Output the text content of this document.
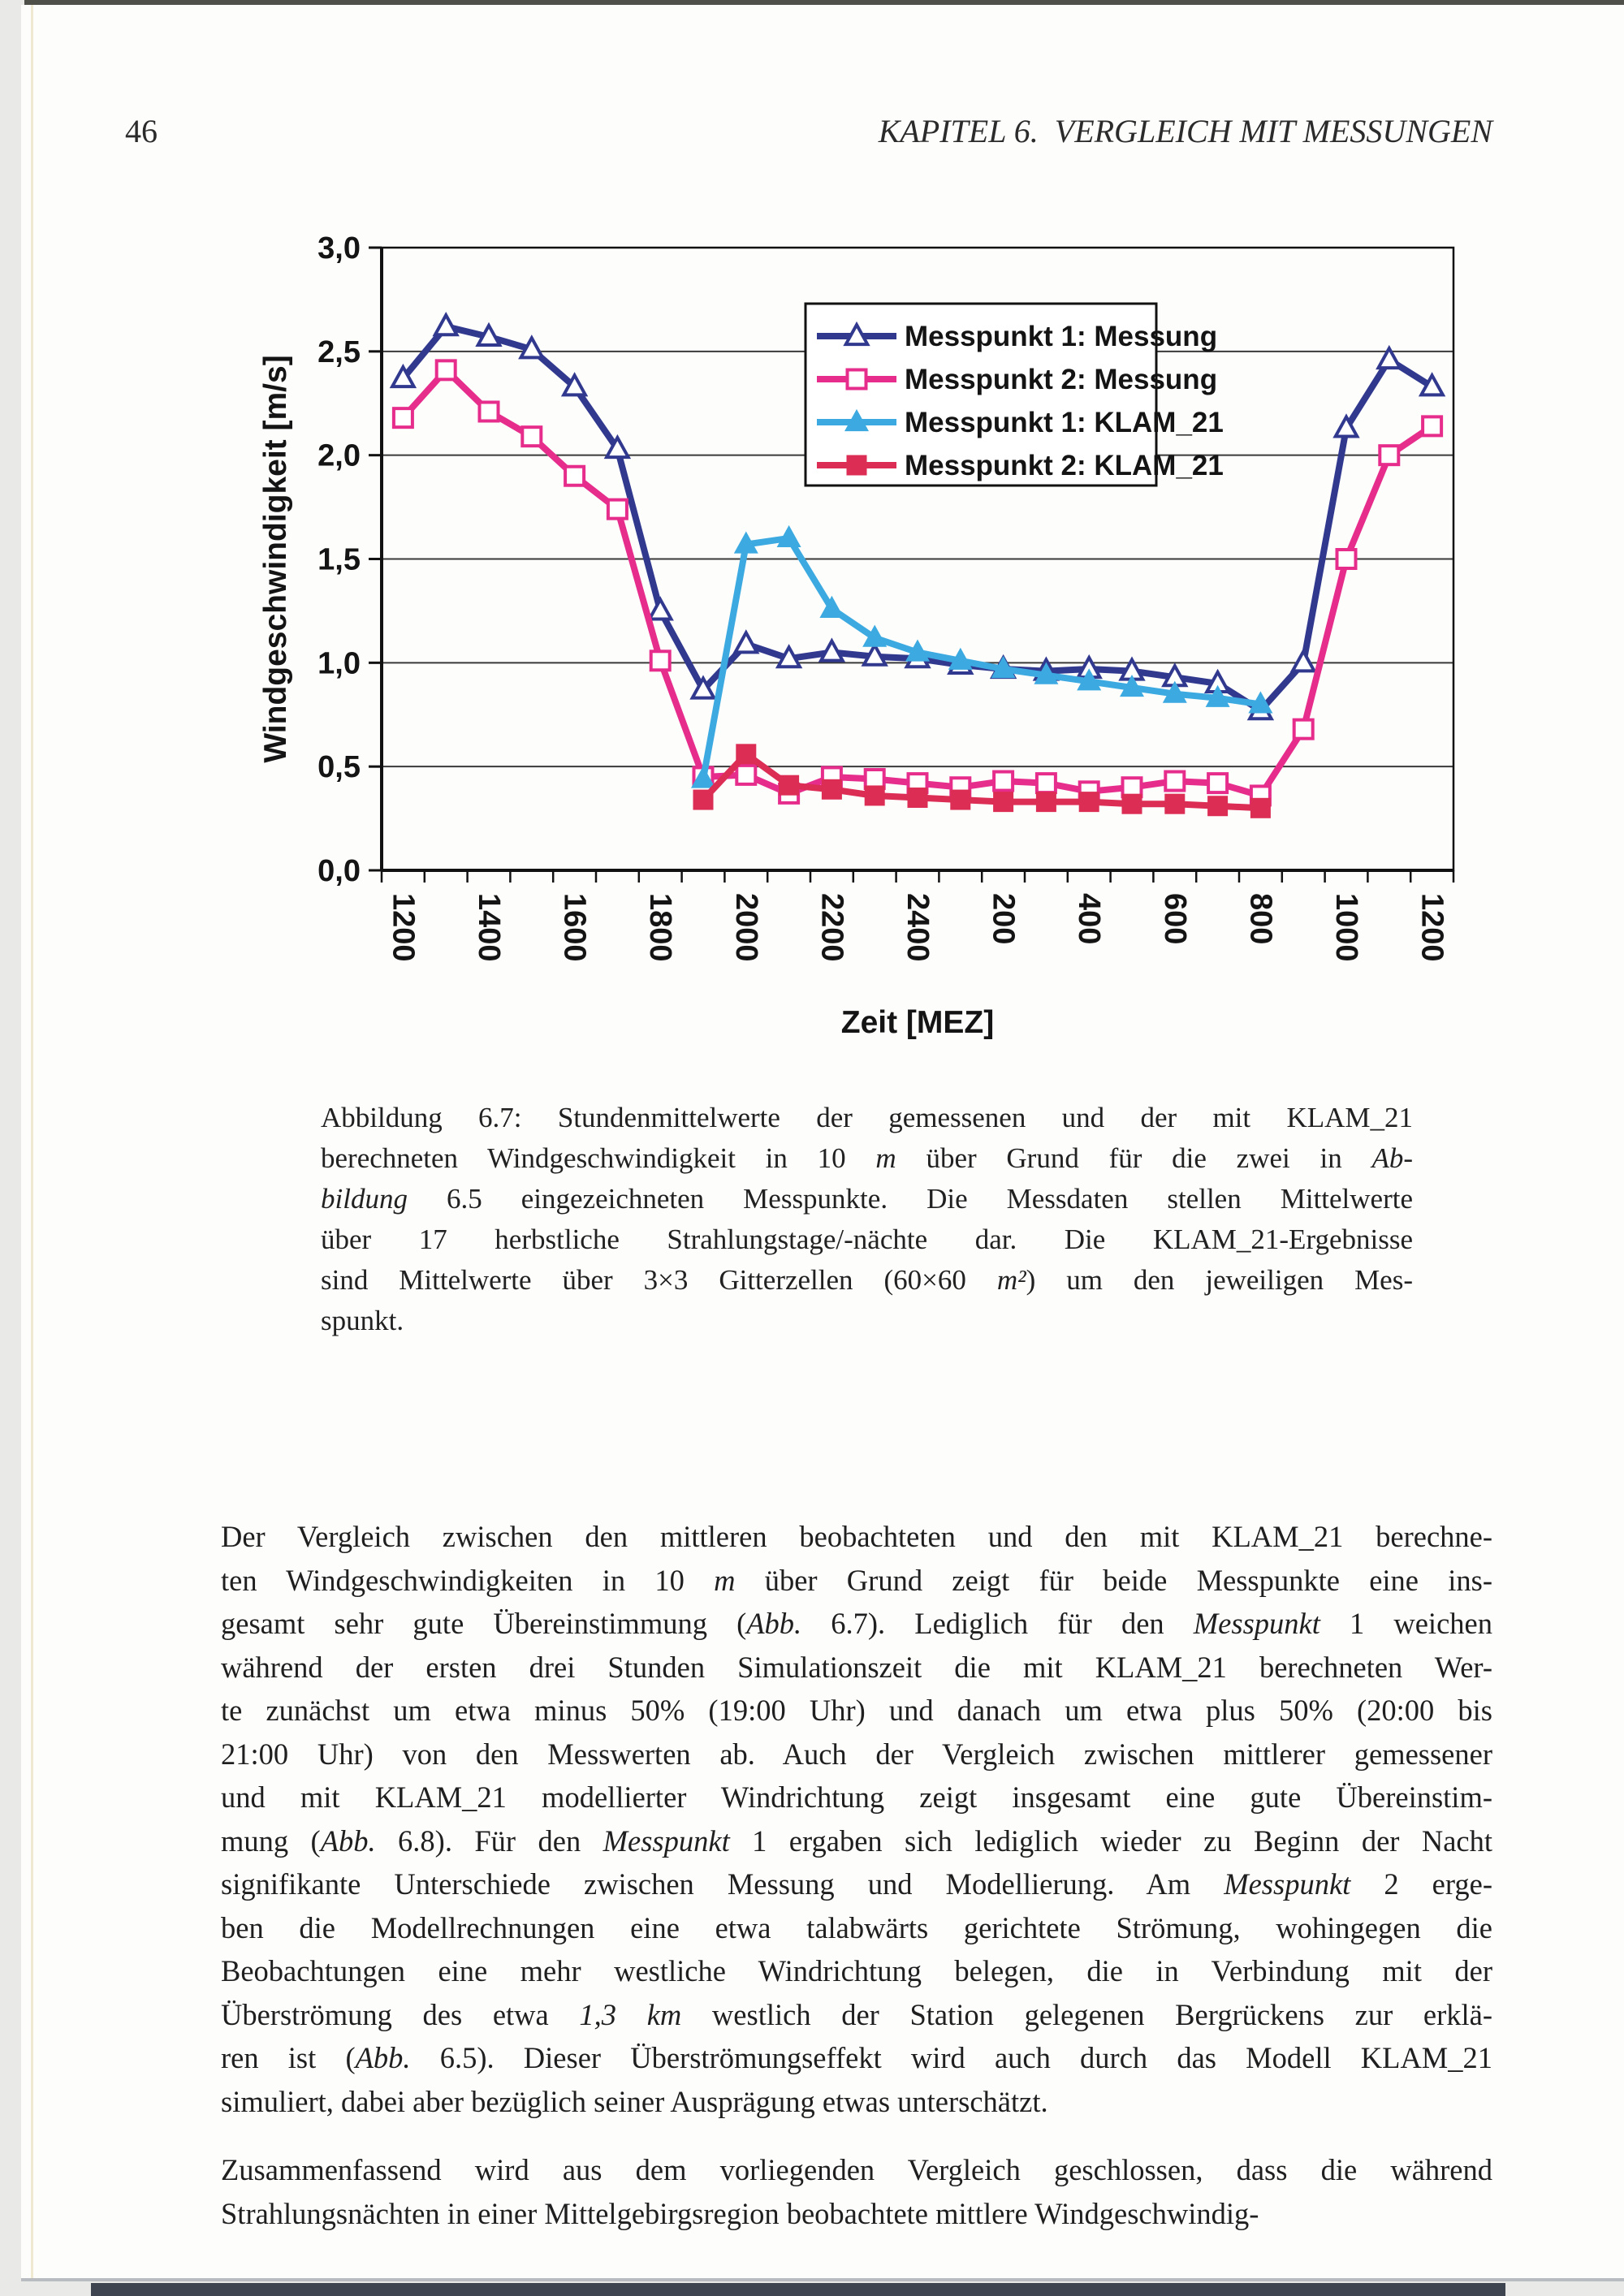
46	KAPITEL 6.  VERGLEICH MIT MESSUNGEN
0,0
0,5
1,0
1,5
2,0
2,5
3,0
1200 1400 1600 1800 2000 2200 2400 200 400 600 800 1000 1200
Windgeschwindigkeit [m/s]
Zeit [MEZ]
Messpunkt 1: Messung
Messpunkt 2: Messung
Messpunkt 1: KLAM_21
Messpunkt 2: KLAM_21
Abbildung 6.7: Stundenmittelwerte der gemessenen und der mit KLAM_21
berechneten Windgeschwindigkeit in 10 m über Grund für die zwei in Ab-
bildung 6.5 eingezeichneten Messpunkte. Die Messdaten stellen Mittelwerte
über 17 herbstliche Strahlungstage/-nächte dar. Die KLAM_21-Ergebnisse
sind Mittelwerte über 3×3 Gitterzellen (60×60 m²) um den jeweiligen Mes-
spunkt.
Der Vergleich zwischen den mittleren beobachteten und den mit KLAM_21 berechne-
ten Windgeschwindigkeiten in 10 m über Grund zeigt für beide Messpunkte eine ins-
gesamt sehr gute Übereinstimmung (Abb. 6.7). Lediglich für den Messpunkt 1 weichen
während der ersten drei Stunden Simulationszeit die mit KLAM_21 berechneten Wer-
te zunächst um etwa minus 50% (19:00 Uhr) und danach um etwa plus 50% (20:00 bis
21:00 Uhr) von den Messwerten ab. Auch der Vergleich zwischen mittlerer gemessener
und mit KLAM_21 modellierter Windrichtung zeigt insgesamt eine gute Übereinstim-
mung (Abb. 6.8). Für den Messpunkt 1 ergaben sich lediglich wieder zu Beginn der Nacht
signifikante Unterschiede zwischen Messung und Modellierung. Am Messpunkt 2 erge-
ben die Modellrechnungen eine etwa talabwärts gerichtete Strömung, wohingegen die
Beobachtungen eine mehr westliche Windrichtung belegen, die in Verbindung mit der
Überströmung des etwa 1,3 km westlich der Station gelegenen Bergrückens zur erklä-
ren ist (Abb. 6.5). Dieser Überströmungseffekt wird auch durch das Modell KLAM_21
simuliert, dabei aber bezüglich seiner Ausprägung etwas unterschätzt.
Zusammenfassend wird aus dem vorliegenden Vergleich geschlossen, dass die während
Strahlungsnächten in einer Mittelgebirgsregion beobachtete mittlere Windgeschwindig-
